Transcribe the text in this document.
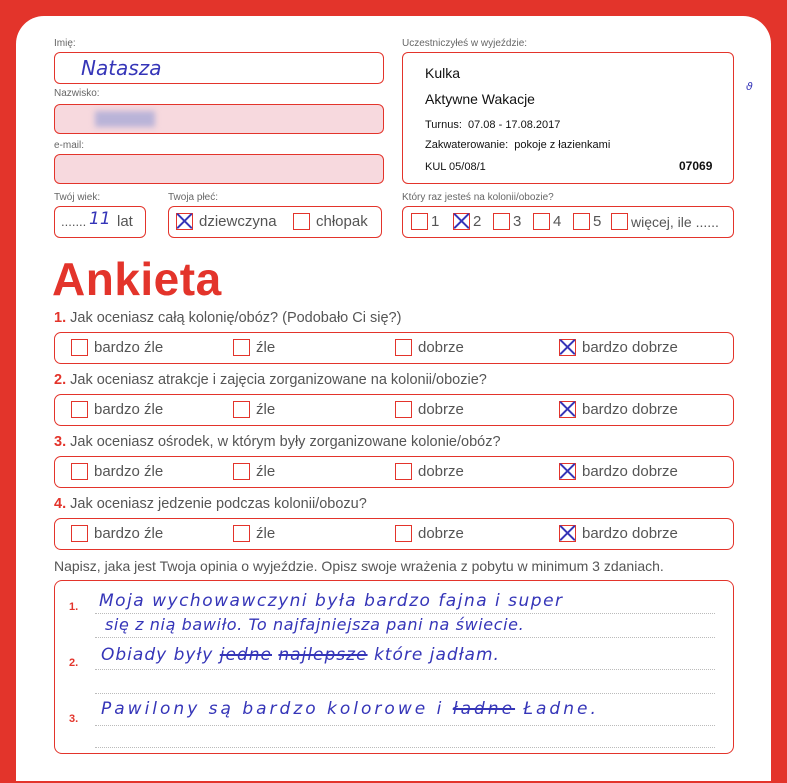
Imię:
Natasza
Nazwisko:
e-mail:
Twój wiek:
....... 11 lat
Twoja płeć:
dziewczyna	chłopak
Uczestniczyłeś w wyjeździe:
Kulka
Aktywne Wakacje
Turnus: 07.08 - 17.08.2017
Zakwaterowanie: pokoje z łazienkami
KUL 05/08/1	07069
ϑ
Który raz jesteś na kolonii/obozie?
1	2	3	4	5	więcej, ile ......
Ankieta
1. Jak oceniasz całą kolonię/obóz? (Podobało Ci się?)
bardzo źle	źle	dobrze	bardzo dobrze
2. Jak oceniasz atrakcje i zajęcia zorganizowane na kolonii/obozie?
bardzo źle	źle	dobrze	bardzo dobrze
3. Jak oceniasz ośrodek, w którym były zorganizowane kolonie/obóz?
bardzo źle	źle	dobrze	bardzo dobrze
4. Jak oceniasz jedzenie podczas kolonii/obozu?
bardzo źle	źle	dobrze	bardzo dobrze
Napisz, jaka jest Twoja opinia o wyjeździe. Opisz swoje wrażenia z pobytu w minimum 3 zdaniach.
1.
2.
3.
Moja wychowawczyni była bardzo fajna i super
się z nią bawiło. To najfajniejsza pani na świecie.
Obiady były jedne najlepsze które jadłam.
Pawilony są bardzo kolorowe i ładne Ładne.
